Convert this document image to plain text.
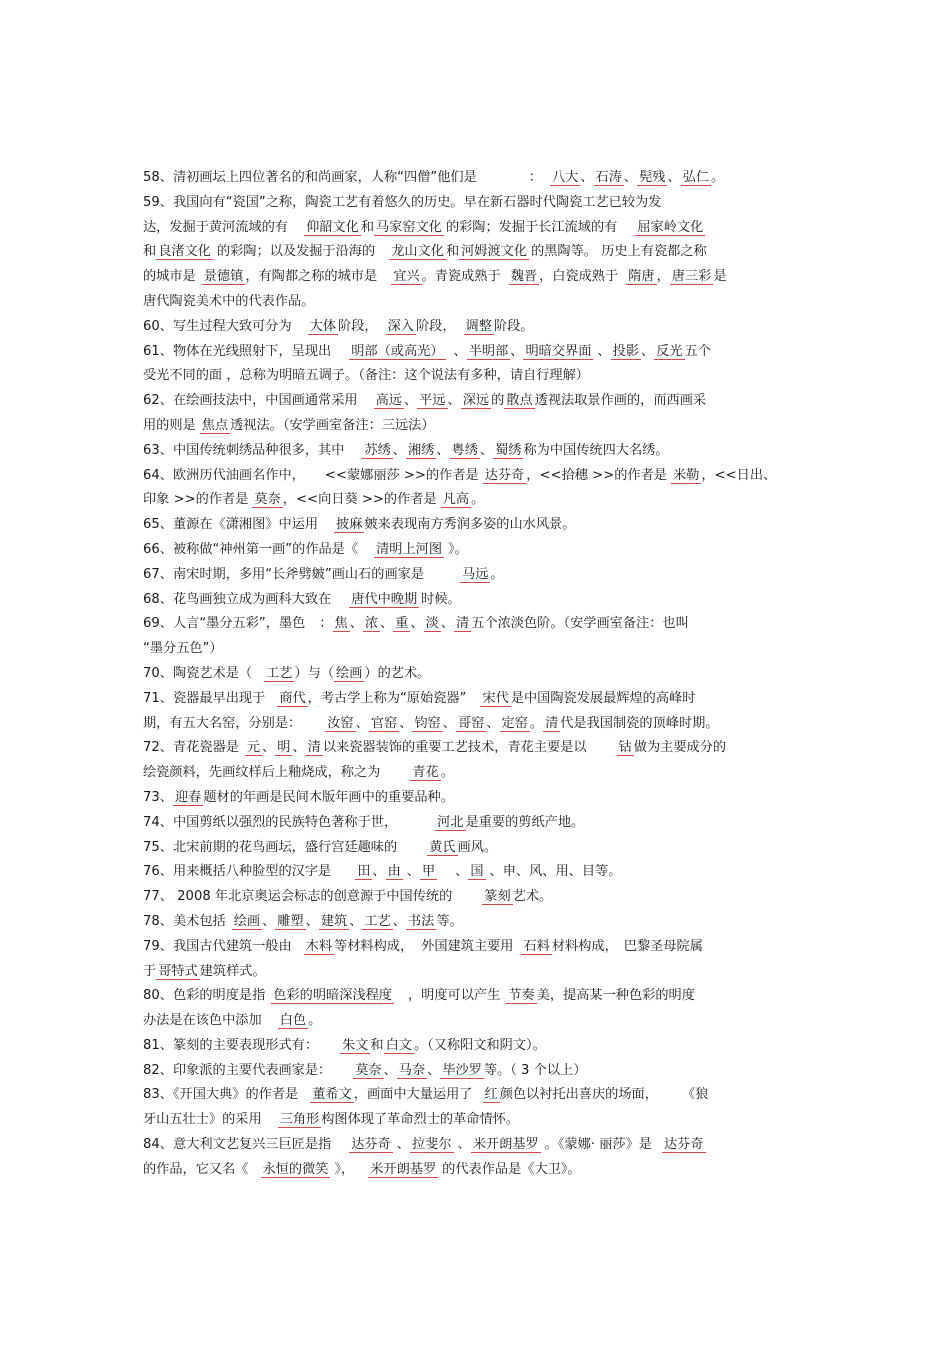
58、清初画坛上四位著名的和尚画家，人称“四僧”他们是	： 八大 、 石涛 、 髡残 、 弘仁 。
59、我国向有“瓷国”之称，陶瓷工艺有着悠久的历史。早在新石器时代陶瓷工艺已较为发
达，发掘于黄河流域的有 仰韶文化 和 马家窑文化 的彩陶；发掘于长江流域的有 屈家岭文化
和 良渚文化 的彩陶；以及发掘于沿海的 龙山文化 和 河姆渡文化 的黑陶等。 历史上有瓷都之称
的城市是 景德镇 ，有陶都之称的城市是 宜兴 。青瓷成熟于 魏晋 ，白瓷成熟于 隋唐 ， 唐三彩 是
唐代陶瓷美术中的代表作品。
60、写生过程大致可分为 大体 阶段， 深入 阶段， 调整 阶段。
61、物体在光线照射下，呈现出 明部（或高光） 、 半明部 、 明暗交界面 、 投影 、 反光 五个
受光不同的面 ，总称为明暗五调子。（备注：这个说法有多种，请自行理解）
62、在绘画技法中，中国画通常采用 高远 、 平远 、 深远 的 散点 透视法取景作画的，而西画采
用的则是 焦点 透视法。（安学画室备注：三远法）
63、中国传统刺绣品种很多，其中 苏绣 、 湘绣 、 粤绣 、 蜀绣 称为中国传统四大名绣。
64、欧洲历代油画名作中， <<蒙娜丽莎 >>的作者是 达芬奇 ，<<拾穗 >>的作者是 米勒 ，<<日出、
印象 >>的作者是 莫奈 ，<<向日葵 >>的作者是 凡高 。
65、董源在《潇湘图》中运用 披麻 皴来表现南方秀润多姿的山水风景。
66、被称做“神州第一画”的作品是《 清明上河图 》。
67、南宋时期，多用“长斧劈皴”画山石的画家是	马远 。
68、花鸟画独立成为画科大致在 唐代中晚期 时候。
69、人言“墨分五彩”，墨色 ： 焦 、 浓 、 重 、 淡 、 清 五个浓淡色阶。（安学画室备注：也叫
“墨分五色”）
70、陶瓷艺术是（ 工艺 ）与（ 绘画 ）的艺术。
71、瓷器最早出现于 商代 ，考古学上称为“原始瓷器” 宋代 是中国陶瓷发展最辉煌的高峰时
期，有五大名窑，分别是： 汝窑 、 官窑 、 钧窑 、 哥窑 、 定窑 。 清 代是我国制瓷的顶峰时期。
72、青花瓷器是 元 、 明 、 清 以来瓷器装饰的重要工艺技术，青花主要是以 钴 做为主要成分的
绘瓷颜料，先画纹样后上釉烧成，称之为 青花 。
73、 迎春 题材的年画是民间木版年画中的重要品种。
74、中国剪纸以强烈的民族特色著称于世，	河北 是重要的剪纸产地。
75、北宋前期的花鸟画坛，盛行宫廷趣味的 黄氏 画风。
76、用来概括八种脸型的汉字是 田 、 由 、 甲 、 国 、申、风、用、目等。
77、 2008 年北京奥运会标志的创意源于中国传统的 篆刻 艺术。
78、美术包括 绘画 、 雕塑 、 建筑 、 工艺 、 书法 等。
79、我国古代建筑一般由 木料 等材料构成， 外国建筑主要用 石料 材料构成， 巴黎圣母院属
于 哥特式 建筑样式。
80、色彩的明度是指 色彩的明暗深浅程度 ，明度可以产生 节奏 美，提高某一种色彩的明度
办法是在该色中添加 白色 。
81、篆刻的主要表现形式有： 朱文 和 白文 。（又称阳文和阴文）。
82、印象派的主要代表画家是： 莫奈 、 马奈 、 毕沙罗 等。（ 3 个以上）
83、《开国大典》的作者是 董希文 ，画面中大量运用了 红 颜色以衬托出喜庆的场面， 《狼
牙山五壮士》的采用 三角形 构图体现了革命烈士的革命情怀。
84、意大利文艺复兴三巨匠是指 达芬奇 、 拉斐尔 、 米开朗基罗 。《蒙娜· 丽莎》是 达芬奇
的作品，它又名《 永恒的微笑 》， 米开朗基罗 的代表作品是《大卫》。
